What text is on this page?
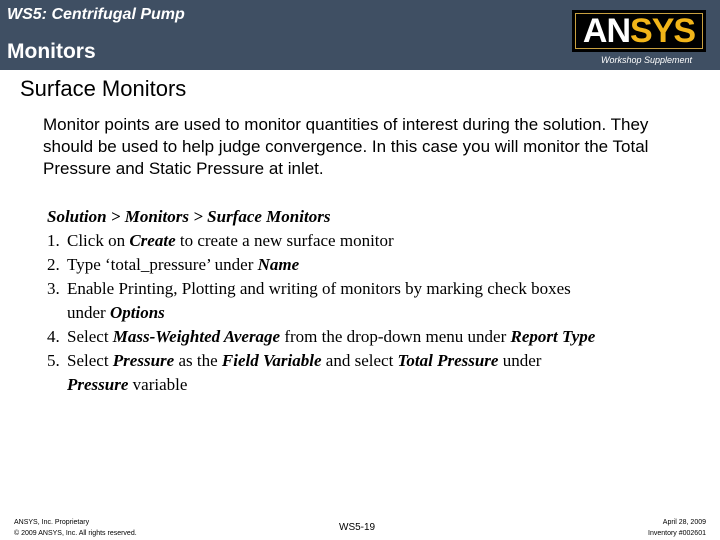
WS5: Centrifugal Pump
Monitors
ANSYS
Workshop Supplement
Surface Monitors

Monitor points are used to monitor quantities of interest during the solution. They should be used to help judge convergence. In this case you will monitor the Total Pressure and Static Pressure at inlet.

Solution > Monitors > Surface Monitors

1. Click on Create to create a new surface monitor

2. Type ‘total_pressure’ under Name

3. Enable Printing, Plotting and writing of monitors by marking check boxes
under Options

4. Select Mass-Weighted Average from the drop-down menu under Report Type

5. Select Pressure as the Field Variable and select Total Pressure under
Pressure variable

ANSYS, Inc. Proprietary
© 2009 ANSYS, Inc. All rights reserved.
WS5-19	April 28, 2009
Inventory #002601
